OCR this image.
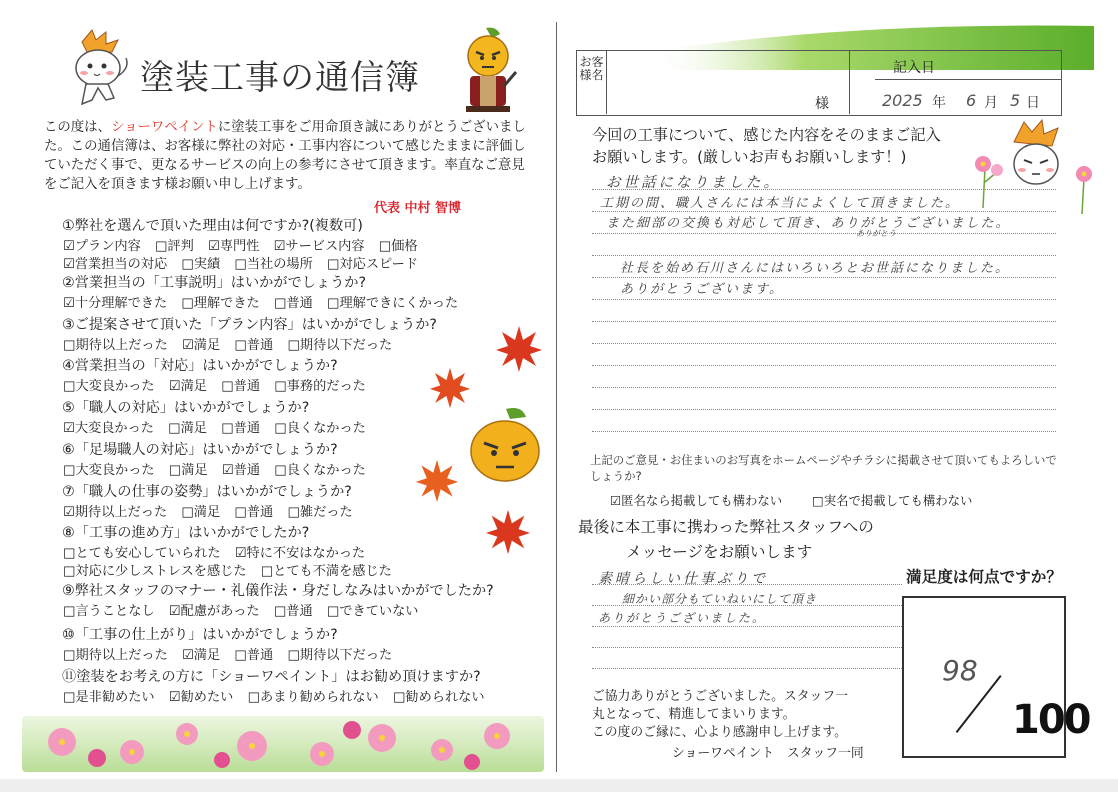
塗装工事の通信簿
この度は、ショーワペイントに塗装工事をご用命頂き誠にありがとうございました。この通信簿は、お客様に弊社の対応・工事内容について感じたままに評価していただく事で、更なるサービスの向上の参考にさせて頂きます。率直なご意見をご記入を頂きます様お願い申し上げます。
代表 中村 智博
①弊社を選んで頂いた理由は何ですか?(複数可)
☑プラン内容 □評判 ☑専門性 ☑サービス内容 □価格
☑営業担当の対応 □実績 □当社の場所 □対応スピード
②営業担当の「工事説明」はいかがでしょうか?
☑十分理解できた □理解できた □普通 □理解できにくかった
③ご提案させて頂いた「プラン内容」はいかがでしょうか?
□期待以上だった ☑満足 □普通 □期待以下だった
④営業担当の「対応」はいかがでしょうか?
□大変良かった ☑満足 □普通 □事務的だった
⑤「職人の対応」はいかがでしょうか?
☑大変良かった □満足 □普通 □良くなかった
⑥「足場職人の対応」はいかがでしょうか?
□大変良かった □満足 ☑普通 □良くなかった
⑦「職人の仕事の姿勢」はいかがでしょうか?
☑期待以上だった □満足 □普通 □雑だった
⑧「工事の進め方」はいかがでしたか?
□とても安心していられた ☑特に不安はなかった
□対応に少しストレスを感じた □とても不満を感じた
⑨弊社スタッフのマナー・礼儀作法・身だしなみはいかがでしたか?
□言うことなし ☑配慮があった □普通 □できていない
⑩「工事の仕上がり」はいかがでしょうか?
□期待以上だった ☑満足 □普通 □期待以下だった
⑪塗装をお考えの方に「ショーワペイント」はお勧め頂けますか?
□是非勧めたい ☑勧めたい □あまり勧められない □勧められない
お客様名
様
記入日
2025 年 6 月 5 日
今回の工事について、感じた内容をそのままご記入
お願いします。(厳しいお声もお願いします！)
お世話になりました。
工期の間、職人さんには本当によくして頂きました。
また細部の交換も対応して頂き、ありがとうございました。
ありがとう
社長を始め石川さんにはいろいろとお世話になりました。
ありがとうございます。
上記のご意見・お住まいのお写真をホームページやチラシに掲載させて頂いてもよろしいでしょうか?
☑匿名なら掲載しても構わない □実名で掲載しても構わない
最後に本工事に携わった弊社スタッフへの
メッセージをお願いします
素晴らしい仕事ぶりで
細かい部分もていねいにして頂き
ありがとうございました。
満足度は何点ですか？
98
100
ご協力ありがとうございました。スタッフ一
丸となって、精進してまいります。
この度のご縁に、心より感謝申し上げます。
ショーワペイント　スタッフ一同
